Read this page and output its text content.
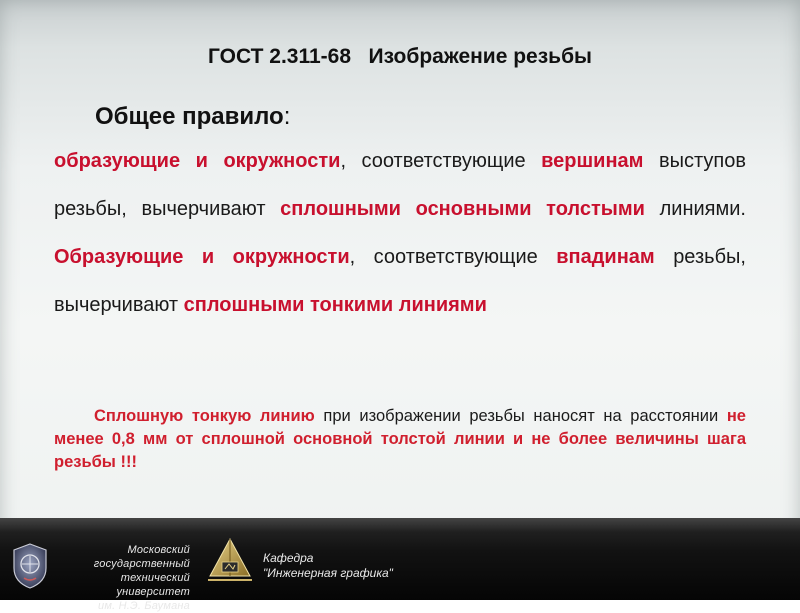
ГОСТ 2.311-68   Изображение резьбы
Общее правило:
образующие и окружности, соответствующие вершинам выступов резьбы, вычерчивают сплошными основными толстыми линиями. Образующие и окружности, соответствующие впадинам резьбы, вычерчивают сплошными тонкими линиями
Сплошную тонкую линию при изображении резьбы наносят на расстоянии не менее 0,8 мм от сплошной основной толстой линии и не более величины шага резьбы !!!
Московский государственный
технический университет
им. Н.Э. Баумана
Кафедра
"Инженерная графика"
